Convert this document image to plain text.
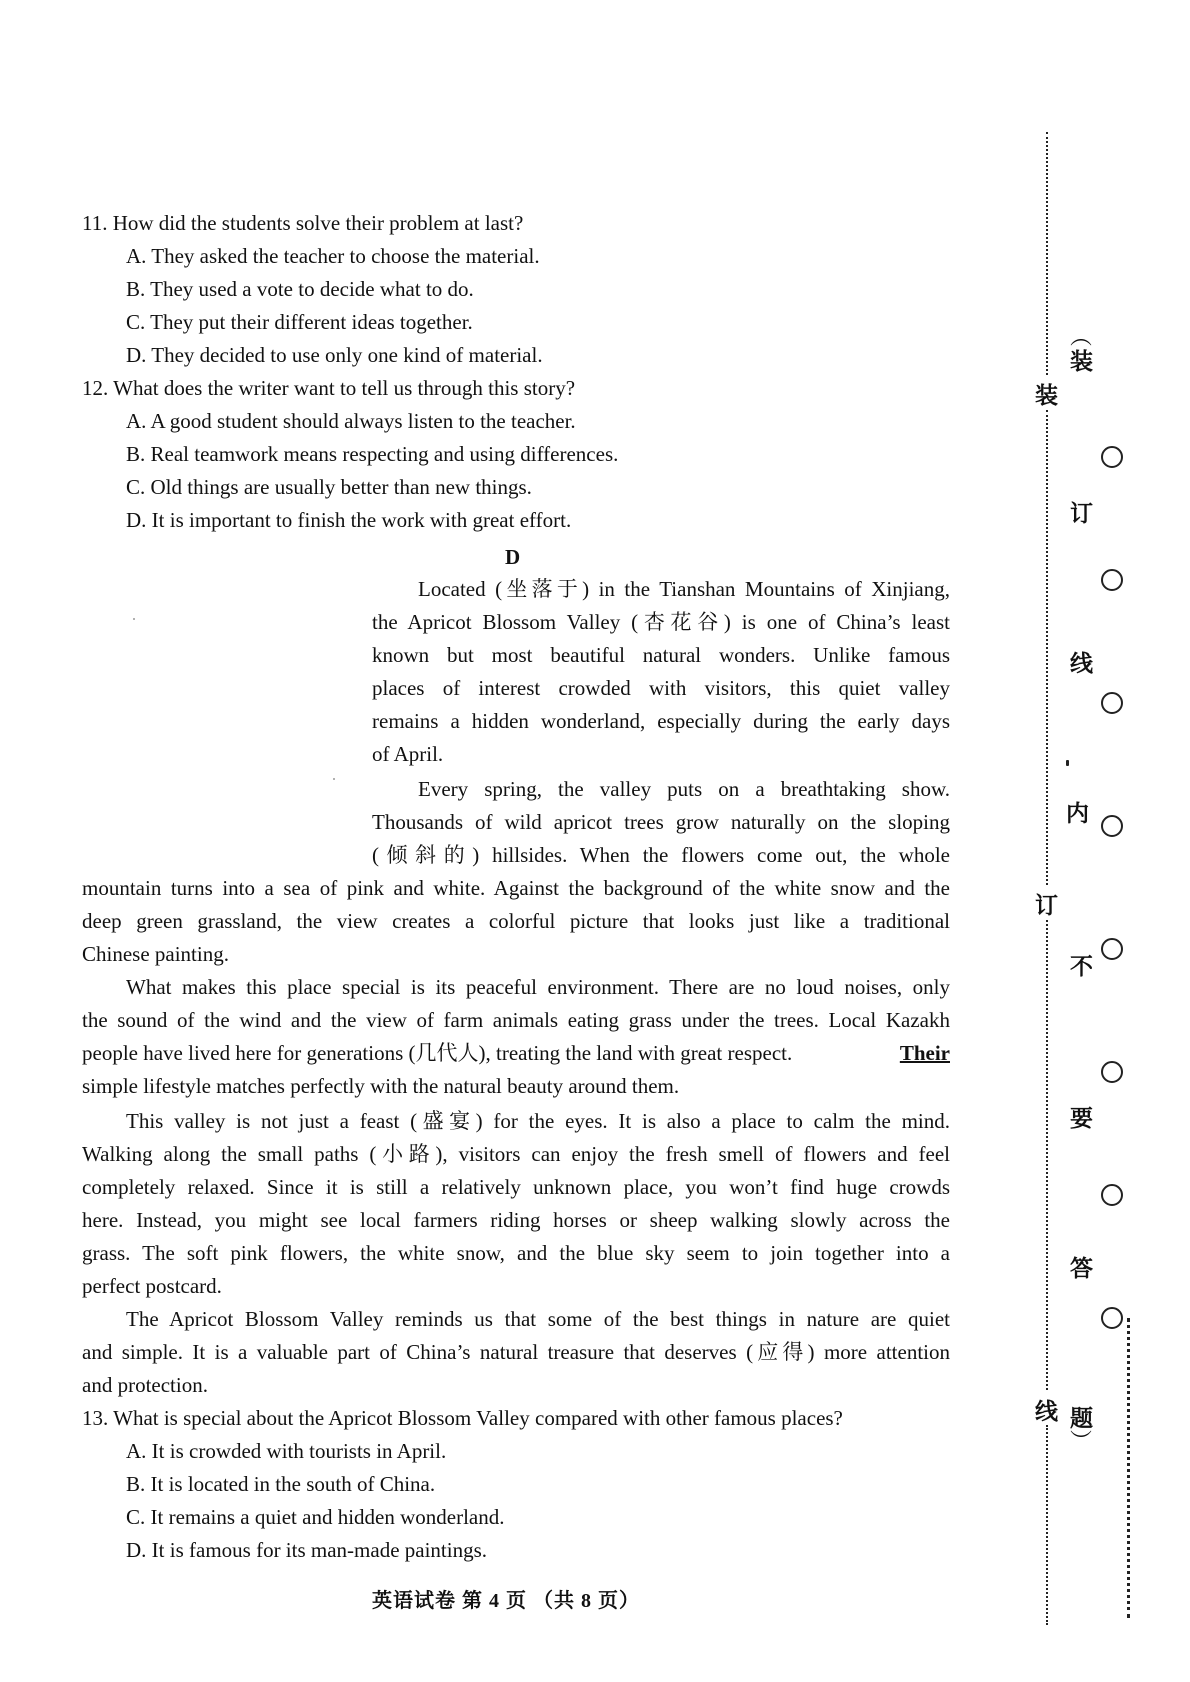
11. How did the students solve their problem at last?
A. They asked the teacher to choose the material.
B. They used a vote to decide what to do.
C. They put their different ideas together.
D. They decided to use only one kind of material.
12. What does the writer want to tell us through this story?
A. A good student should always listen to the teacher.
B. Real teamwork means respecting and using differences.
C. Old things are usually better than new things.
D. It is important to finish the work with great effort.
D
Located (坐落于) in the Tianshan Mountains of Xinjiang,
the Apricot Blossom Valley (杏花谷) is one of China’s least
known but most beautiful natural wonders. Unlike famous
places of interest crowded with visitors, this quiet valley
remains a hidden wonderland, especially during the early days
of April.
Every spring, the valley puts on a breathtaking show.
Thousands of wild apricot trees grow naturally on the sloping
(倾斜的) hillsides. When the flowers come out, the whole
mountain turns into a sea of pink and white. Against the background of the white snow and the
deep green grassland, the view creates a colorful picture that looks just like a traditional
Chinese painting.
What makes this place special is its peaceful environment. There are no loud noises, only
the sound of the wind and the view of farm animals eating grass under the trees. Local Kazakh
people have lived here for generations (几代人), treating the land with great respect.	Their
simple lifestyle matches perfectly with the natural beauty around them.
This valley is not just a feast (盛宴) for the eyes. It is also a place to calm the mind.
Walking along the small paths (小路), visitors can enjoy the fresh smell of flowers and feel
completely relaxed. Since it is still a relatively unknown place, you won’t find huge crowds
here. Instead, you might see local farmers riding horses or sheep walking slowly across the
grass. The soft pink flowers, the white snow, and the blue sky seem to join together into a
perfect postcard.
The Apricot Blossom Valley reminds us that some of the best things in nature are quiet
and simple. It is a valuable part of China’s natural treasure that deserves (应得) more attention
and protection.
13. What is special about the Apricot Blossom Valley compared with other famous places?
A. It is crowded with tourists in April.
B. It is located in the south of China.
C. It remains a quiet and hidden wonderland.
D. It is famous for its man-made paintings.
英语试卷 第 4 页 （共 8 页）
装
订
线
︵
装
订
线
内
不
要
答
题
︶
